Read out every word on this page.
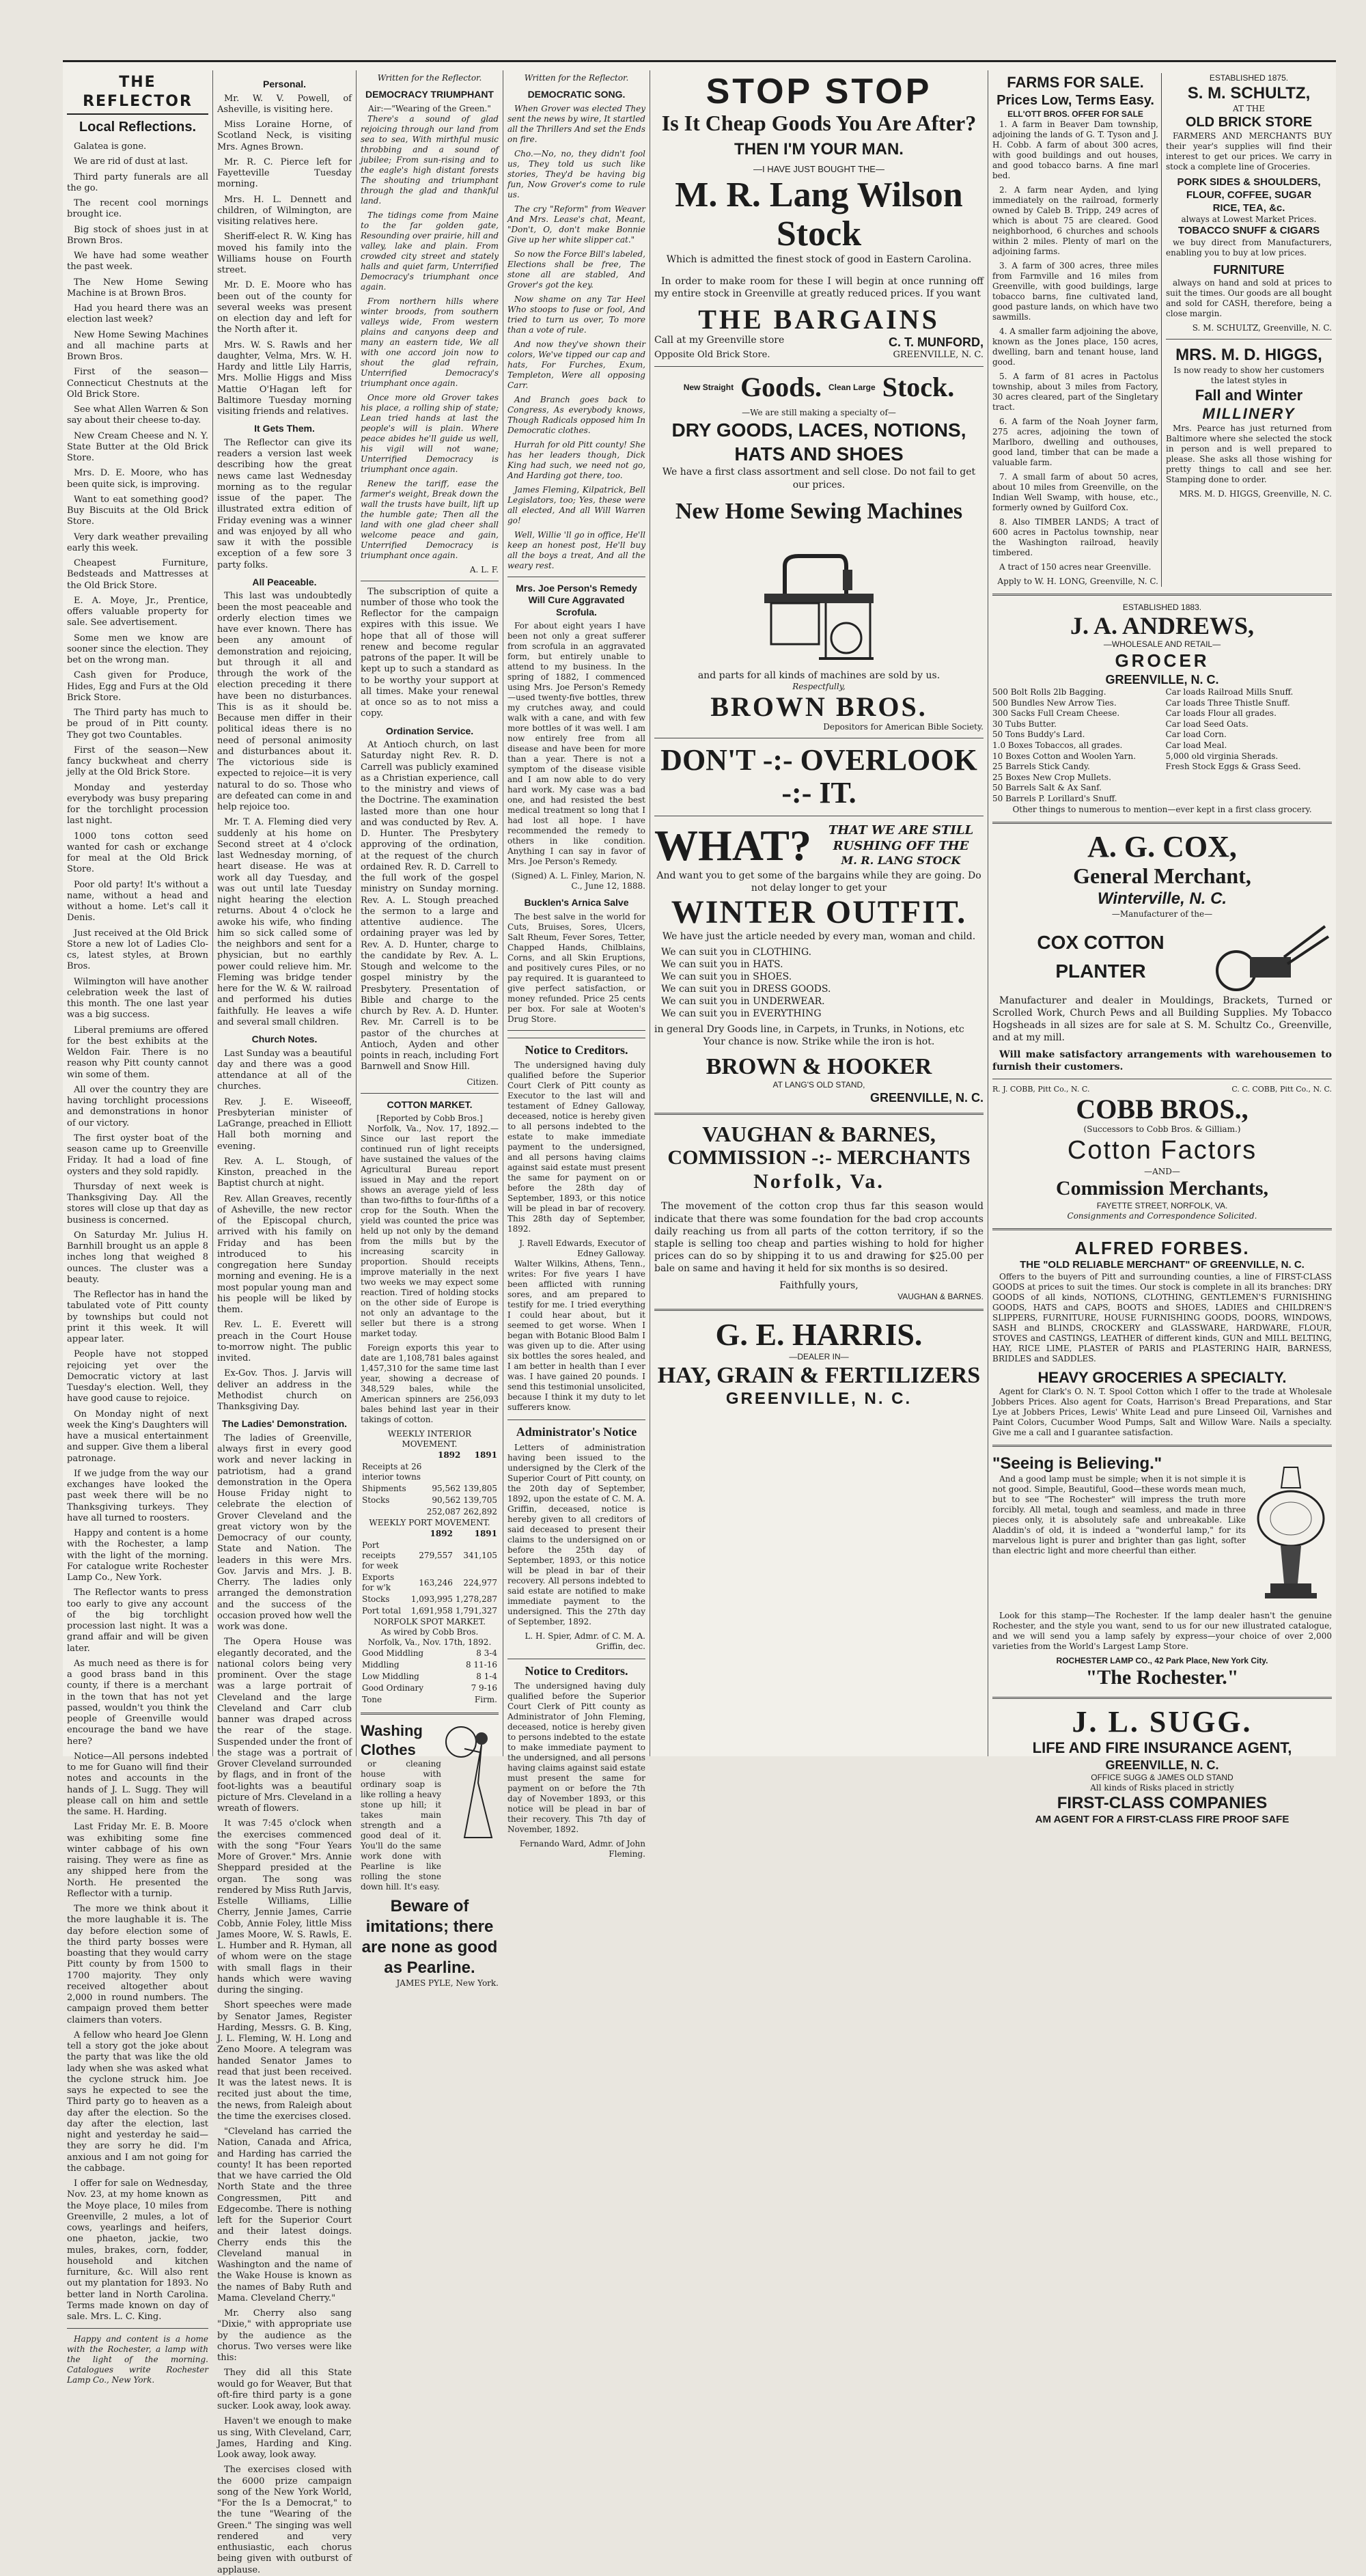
THE REFLECTOR
Local Reflections.
Galatea is gone.
We are rid of dust at last.
Third party funerals are all the go.
The recent cool mornings brought ice.
Big stock of shoes just in at Brown Bros.
We have had some weather the past week.
The New Home Sewing Machine is at Brown Bros.
Had you heard there was an election last week?
New Home Sewing Machines and all machine parts at Brown Bros.
First of the season—Connecticut Chestnuts at the Old Brick Store.
See what Allen Warren & Son say about their cheese to-day.
New Cream Cheese and N. Y. State Butter at the Old Brick Store.
Mrs. D. E. Moore, who has been quite sick, is improving.
Want to eat something good? Buy Biscuits at the Old Brick Store.
Very dark weather prevailing early this week.
Cheapest Furniture, Bedsteads and Mattresses at the Old Brick Store.
E. A. Moye, Jr., Prentice, offers valuable property for sale. See advertisement.
Some men we know are sooner since the election. They bet on the wrong man.
Cash given for Produce, Hides, Egg and Furs at the Old Brick Store.
The Third party has much to be proud of in Pitt county. They got two Countables.
First of the season—New fancy buckwheat and cherry jelly at the Old Brick Store.
Monday and yesterday everybody was busy preparing for the torchlight procession last night.
1000 tons cotton seed wanted for cash or exchange for meal at the Old Brick Store.
Poor old party! It's without a name, without a head and without a home. Let's call it Denis.
Just received at the Old Brick Store a new lot of Ladies Clo-cs, latest styles, at Brown Bros.
Wilmington will have another celebration week the last of this month. The one last year was a big success.
Liberal premiums are offered for the best exhibits at the Weldon Fair. There is no reason why Pitt county cannot win some of them.
All over the country they are having torchlight processions and demonstrations in honor of our victory.
The first oyster boat of the season came up to Greenville Friday. It had a load of fine oysters and they sold rapidly.
Thursday of next week is Thanksgiving Day. All the stores will close up that day as business is concerned.
On Saturday Mr. Julius H. Barnhill brought us an apple 8 inches long that weighed 8 ounces. The cluster was a beauty.
The Reflector has in hand the tabulated vote of Pitt county by townships but could not print it this week. It will appear later.
People have not stopped rejoicing yet over the Democratic victory at last Tuesday's election. Well, they have good cause to rejoice.
On Monday night of next week the King's Daughters will have a musical entertainment and supper. Give them a liberal patronage.
If we judge from the way our exchanges have looked the past week there will be no Thanksgiving turkeys. They have all turned to roosters.
Happy and content is a home with the Rochester, a lamp with the light of the morning. For catalogue write Rochester Lamp Co., New York.
The Reflector wants to press too early to give any account of the big torchlight procession last night. It was a grand affair and will be given later.
As much need as there is for a good brass band in this county, if there is a merchant in the town that has not yet passed, wouldn't you think the people of Greenville would encourage the band we have here?
Notice—All persons indebted to me for Guano will find their notes and accounts in the hands of J. L. Sugg. They will please call on him and settle the same. H. Harding.
Last Friday Mr. E. B. Moore was exhibiting some fine winter cabbage of his own raising. They were as fine as any shipped here from the North. He presented the Reflector with a turnip.
The more we think about it the more laughable it is. The day before election some of the third party bosses were boasting that they would carry Pitt county by from 1500 to 1700 majority. They only received altogether about 2,000 in round numbers. The campaign proved them better claimers than voters.
A fellow who heard Joe Glenn tell a story got the joke about the party that was like the old lady when she was asked what the cyclone struck him. Joe says he expected to see the Third party go to heaven as a day after the election. So the day after the election, last night and yesterday he said—they are sorry he did. I'm anxious and I am not going for the cabbage.
I offer for sale on Wednesday, Nov. 23, at my home known as the Moye place, 10 miles from Greenville, 2 mules, a lot of cows, yearlings and heifers, one phaeton, jackie, two mules, brakes, corn, fodder, household and kitchen furniture, &c. Will also rent out my plantation for 1893. No better land in North Carolina. Terms made known on day of sale. Mrs. L. C. King.
Happy and content is a home with the Rochester, a lamp with the light of the morning. Catalogues write Rochester Lamp Co., New York.
Personal.
Mr. W. V. Powell, of Asheville, is visiting here.
Miss Loraine Horne, of Scotland Neck, is visiting Mrs. Agnes Brown.
Mr. R. C. Pierce left for Fayetteville Tuesday morning.
Mrs. H. L. Dennett and children, of Wilmington, are visiting relatives here.
Sheriff-elect R. W. King has moved his family into the Williams house on Fourth street.
Mr. D. E. Moore who has been out of the county for several weeks was present on election day and left for the North after it.
Mrs. W. S. Rawls and her daughter, Velma, Mrs. W. H. Hardy and little Lily Harris, Mrs. Mollie Higgs and Miss Mattie O'Hagan left for Baltimore Tuesday morning visiting friends and relatives.
It Gets Them.
The Reflector can give its readers a version last week describing how the great news came last Wednesday morning as to the regular issue of the paper. The illustrated extra edition of Friday evening was a winner and was enjoyed by all who saw it with the possible exception of a few sore 3 party folks.
All Peaceable.
This last was undoubtedly been the most peaceable and orderly election times we have ever known. There has been any amount of demonstration and rejoicing, but through it all and through the work of the election preceding it there have been no disturbances. This is as it should be. Because men differ in their political ideas there is no need of personal animosity and disturbances about it. The victorious side is expected to rejoice—it is very natural to do so. Those who are defeated can come in and help rejoice too.
Mr. T. A. Fleming died very suddenly at his home on Second street at 4 o'clock last Wednesday morning, of heart disease. He was at work all day Tuesday, and was out until late Tuesday night hearing the election returns. About 4 o'clock he awoke his wife, who finding him so sick called some of the neighbors and sent for a physician, but no earthly power could relieve him. Mr. Fleming was bridge tender here for the W. & W. railroad and performed his duties faithfully. He leaves a wife and several small children.
Church Notes.
Last Sunday was a beautiful day and there was a good attendance at all of the churches.
Rev. J. E. Wiseeoff, Presbyterian minister of LaGrange, preached in Elliott Hall both morning and evening.
Rev. A. L. Stough, of Kinston, preached in the Baptist church at night.
Rev. Allan Greaves, recently of Asheville, the new rector of the Episcopal church, arrived with his family on Friday and has been introduced to his congregation here Sunday morning and evening. He is a most popular young man and his people will be liked by them.
Rev. L. E. Everett will preach in the Court House to-morrow night. The public invited.
Ex-Gov. Thos. J. Jarvis will deliver an address in the Methodist church on Thanksgiving Day.
The Ladies' Demonstration.
The ladies of Greenville, always first in every good work and never lacking in patriotism, had a grand demonstration in the Opera House Friday night to celebrate the election of Grover Cleveland and the great victory won by the Democracy of our county, State and Nation. The leaders in this were Mrs. Gov. Jarvis and Mrs. J. B. Cherry. The ladies only arranged the demonstration and the success of the occasion proved how well the work was done.
The Opera House was elegantly decorated, and the national colors being very prominent. Over the stage was a large portrait of Cleveland and the large Cleveland and Carr club banner was draped across the rear of the stage. Suspended under the front of the stage was a portrait of Grover Cleveland surrounded by flags, and in front of the foot-lights was a beautiful picture of Mrs. Cleveland in a wreath of flowers.
It was 7:45 o'clock when the exercises commenced with the song "Four Years More of Grover." Mrs. Annie Sheppard presided at the organ. The song was rendered by Miss Ruth Jarvis, Estelle Williams, Lillie Cherry, Jennie James, Carrie Cobb, Annie Foley, little Miss James Moore, W. S. Rawls, E. L. Humber and R. Hyman, all of whom were on the stage with small flags in their hands which were waving during the singing.
Short speeches were made by Senator James, Register Harding, Messrs. G. B. King, J. L. Fleming, W. H. Long and Zeno Moore. A telegram was handed Senator James to read that just been received. It was the latest news. It is recited just about the time, the news, from Raleigh about the time the exercises closed.
"Cleveland has carried the Nation, Canada and Africa, and Harding has carried the county! It has been reported that we have carried the Old North State and the three Congressmen, Pitt and Edgecombe. There is nothing left for the Superior Court and their latest doings. Cherry ends this the Cleveland manual in Washington and the name of the Wake House is known as the names of Baby Ruth and Mama. Cleveland Cherry."
Mr. Cherry also sang "Dixie," with appropriate use by the audience as the chorus. Two verses were like this:
They did all this State would go for Weaver, But that oft-fire third party is a gone sucker. Look away, look away.
Haven't we enough to make us sing, With Cleveland, Carr, James, Harding and King. Look away, look away.
The exercises closed with the 6000 prize campaign song of the New York World, "For the Is a Democrat," to the tune "Wearing of the Green." The singing was well rendered and very enthusiastic, each chorus being given with outburst of applause.
Written for the Reflector.
DEMOCRACY TRIUMPHANT
Air:—"Wearing of the Green."
There's a sound of glad rejoicing through our land from sea to sea, With mirthful music throbbing and a sound of jubilee; From sun-rising and to the eagle's high distant forests The shouting and triumphant through the glad and thankful land.
The tidings come from Maine to the far golden gate, Resounding over prairie, hill and valley, lake and plain. From crowded city street and stately halls and quiet farm, Unterrified Democracy's triumphant once again.
From northern hills where winter broods, from southern valleys wide, From western plains and canyons deep and many an eastern tide, We all with one accord join now to shout the glad refrain, Unterrified Democracy's triumphant once again.
Once more old Grover takes his place, a rolling ship of state; Lean tried hands at last the people's will is plain. Where peace abides he'll guide us well, his vigil will not wane; Unterrified Democracy is triumphant once again.
Renew the tariff, ease the farmer's weight, Break down the wall the trusts have built, lift up the humble gate; Then all the land with one glad cheer shall welcome peace and gain, Unterrified Democracy is triumphant once again.
A. L. F.
The subscription of quite a number of those who took the Reflector for the campaign expires with this issue. We hope that all of those will renew and become regular patrons of the paper. It will be kept up to such a standard as to be worthy your support at all times. Make your renewal at once so as to not miss a copy.
Ordination Service.
At Antioch church, on last Saturday night Rev. R. D. Carrell was publicly examined as a Christian experience, call to the ministry and views of the Doctrine. The examination lasted more than one hour and was conducted by Rev. A. D. Hunter. The Presbytery approving of the ordination, at the request of the church ordained Rev. R. D. Carrell to the full work of the gospel ministry on Sunday morning. Rev. A. L. Stough preached the sermon to a large and attentive audience. The ordaining prayer was led by Rev. A. D. Hunter, charge to the candidate by Rev. A. L. Stough and welcome to the gospel ministry by the Presbytery. Presentation of Bible and charge to the church by Rev. A. D. Hunter. Rev. Mr. Carrell is to be pastor of the churches at Antioch, Ayden and other points in reach, including Fort Barnwell and Snow Hill.
Citizen.
COTTON MARKET.
[Reported by Cobb Bros.]
Norfolk, Va., Nov. 17, 1892.—Since our last report the continued run of light receipts have sustained the values of the Agricultural Bureau report issued in May and the report shows an average yield of less than two-fifths to four-fifths of a crop for the South. When the yield was counted the price was held up not only by the demand from the mills but by the increasing scarcity in proportion. Should receipts improve materially in the next two weeks we may expect some reaction. Tired of holding stocks on the other side of Europe is not only an advantage to the seller but there is a strong market today.
Foreign exports this year to date are 1,108,781 bales against 1,457,310 for the same time last year, showing a decrease of 348,529 bales, while the American spinners are 256,093 bales behind last year in their takings of cotton.
WEEKLY INTERIOR MOVEMENT.
	1892	1891
Receipts at 26 interior towns		
Shipments	95,562	139,805
Stocks	90,562	139,705
	252,087	262,892
WEEKLY PORT MOVEMENT.
	1892	1891
Port receipts for week	279,557	341,105
Exports for w'k	163,246	224,977
Stocks	1,093,995	1,278,287
Port total	1,691,958	1,791,327
NORFOLK SPOT MARKET.
As wired by Cobb Bros.
Norfolk, Va., Nov. 17th, 1892.
Good Middling	8 3-4
Middling	8 11-16
Low Middling	8 1-4
Good Ordinary	7 9-16
Tone	Firm.
Washing Clothes
or cleaning house with ordinary soap is like rolling a heavy stone up hill; it takes main strength and a good deal of it. You'll do the same work done with Pearline is like rolling the stone down hill. It's easy.
Beware of imitations; there are none as good as Pearline.
JAMES PYLE, New York.
Written for the Reflector.
DEMOCRATIC SONG.
When Grover was elected They sent the news by wire, It startled all the Thrillers And set the Ends on fire.
Cho.—No, no, they didn't fool us, They told us such like stories, They'd be having big fun, Now Grover's come to rule us.
The cry "Reform" from Weaver And Mrs. Lease's chat, Meant, "Don't, O, don't make Bonnie Give up her white slipper cat."
So now the Force Bill's labeled, Elections shall be free, The stone all are stabled, And Grover's got the key.
Now shame on any Tar Heel Who stoops to fuse or fool, And tried to turn us over, To more than a vote of rule.
And now they've shown their colors, We've tipped our cap and hats, For Furches, Exum, Templeton, Were all opposing Carr.
And Branch goes back to Congress, As everybody knows, Though Radicals opposed him In Democratic clothes.
Hurrah for old Pitt county! She has her leaders though, Dick King had such, we need not go, And Harding got there, too.
James Fleming, Kilpatrick, Bell Legislators, too; Yes, these were all elected, And all Will Warren go!
Well, Willie 'll go in office, He'll keep an honest post, He'll buy all the boys a treat, And all the weary rest.
Mrs. Joe Person's Remedy Will Cure Aggravated Scrofula.
For about eight years I have been not only a great sufferer from scrofula in an aggravated form, but entirely unable to attend to my business. In the spring of 1882, I commenced using Mrs. Joe Person's Remedy—used twenty-five bottles, threw my crutches away, and could walk with a cane, and with few more bottles of it was well. I am now entirely free from all disease and have been for more than a year. There is not a symptom of the disease visible and I am now able to do very hard work. My case was a bad one, and had resisted the best medical treatment so long that I had lost all hope. I have recommended the remedy to others in like condition. Anything I can say in favor of Mrs. Joe Person's Remedy.
(Signed) A. L. Finley, Marion, N. C., June 12, 1888.
Bucklen's Arnica Salve
The best salve in the world for Cuts, Bruises, Sores, Ulcers, Salt Rheum, Fever Sores, Tetter, Chapped Hands, Chilblains, Corns, and all Skin Eruptions, and positively cures Piles, or no pay required. It is guaranteed to give perfect satisfaction, or money refunded. Price 25 cents per box. For sale at Wooten's Drug Store.
Notice to Creditors.
The undersigned having duly qualified before the Superior Court Clerk of Pitt county as Executor to the last will and testament of Edney Galloway, deceased, notice is hereby given to all persons indebted to the estate to make immediate payment to the undersigned, and all persons having claims against said estate must present the same for payment on or before the 28th day of September, 1893, or this notice will be plead in bar of recovery. This 28th day of September, 1892.
J. Ravell Edwards, Executor of Edney Galloway.
Walter Wilkins, Athens, Tenn., writes: For five years I have been afflicted with running sores, and am prepared to testify for me. I tried everything I could hear about, but it seemed to get worse. When I began with Botanic Blood Balm I was given up to die. After using six bottles the sores healed, and I am better in health than I ever was. I have gained 20 pounds. I send this testimonial unsolicited, because I think it my duty to let sufferers know.
Administrator's Notice
Letters of administration having been issued to the undersigned by the Clerk of the Superior Court of Pitt county, on the 20th day of September, 1892, upon the estate of C. M. A. Griffin, deceased, notice is hereby given to all creditors of said deceased to present their claims to the undersigned on or before the 25th day of September, 1893, or this notice will be plead in bar of their recovery. All persons indebted to said estate are notified to make immediate payment to the undersigned. This the 27th day of September, 1892.
L. H. Spier, Admr. of C. M. A. Griffin, dec.
Notice to Creditors.
The undersigned having duly qualified before the Superior Court Clerk of Pitt county as Administrator of John Fleming, deceased, notice is hereby given to persons indebted to the estate to make immediate payment to the undersigned, and all persons having claims against said estate must present the same for payment on or before the 7th day of November 1893, or this notice will be plead in bar of their recovery. This 7th day of November, 1892.
Fernando Ward, Admr. of John Fleming.
STOP STOP
Is It Cheap Goods You Are After?
THEN I'M YOUR MAN.
—I HAVE JUST BOUGHT THE—
M. R. Lang Wilson Stock
Which is admitted the finest stock of good in Eastern Carolina.
In order to make room for these I will begin at once running off my entire stock in Greenville at greatly reduced prices. If you want
THE BARGAINS
Call at my Greenville store	C. T. MUNFORD,
Opposite Old Brick Store.	GREENVILLE, N. C.
New Straight Goods. Clean Large Stock.
—We are still making a specialty of—
DRY GOODS, LACES, NOTIONS, HATS AND SHOES
We have a first class assortment and sell close. Do not fail to get our prices.
New Home Sewing Machines
and parts for all kinds of machines are sold by us.
Respectfully,
BROWN BROS.
Depositors for American Bible Society.
DON'T -:- OVERLOOK -:- IT.
WHAT?	THAT WE ARE STILL
RUSHING OFF THE
M. R. LANG STOCK
And want you to get some of the bargains while they are going. Do not delay longer to get your
WINTER OUTFIT.
We have just the article needed by every man, woman and child.
We can suit you in CLOTHING.
We can suit you in HATS.
We can suit you in SHOES.
We can suit you in DRESS GOODS.
We can suit you in UNDERWEAR.
We can suit you in EVERYTHING
in general Dry Goods line, in Carpets, in Trunks, in Notions, etc
Your chance is now. Strike while the iron is hot.
BROWN & HOOKER
AT LANG'S OLD STAND,
GREENVILLE, N. C.
VAUGHAN & BARNES,
COMMISSION -:- MERCHANTS
Norfolk, Va.
The movement of the cotton crop thus far this season would indicate that there was some foundation for the bad crop accounts daily reaching us from all parts of the cotton territory, if so the staple is selling too cheap and parties wishing to hold for higher prices can do so by shipping it to us and drawing for $25.00 per bale on same and having it held for six months is so desired.
Faithfully yours,
VAUGHAN & BARNES.
G. E. HARRIS.
—DEALER IN—
HAY, GRAIN & FERTILIZERS
GREENVILLE, N. C.
FARMS FOR SALE.
Prices Low, Terms Easy.
ELL'OTT BROS. OFFER FOR SALE
1. A farm in Beaver Dam township, adjoining the lands of G. T. Tyson and J. H. Cobb. A farm of about 300 acres, with good buildings and out houses, and good tobacco barns. A fine marl bed.
2. A farm near Ayden, and lying immediately on the railroad, formerly owned by Caleb B. Tripp, 249 acres of which is about 75 are cleared. Good neighborhood, 6 churches and schools within 2 miles. Plenty of marl on the adjoining farms.
3. A farm of 300 acres, three miles from Farmville and 16 miles from Greenville, with good buildings, large tobacco barns, fine cultivated land, good pasture lands, on which have two sawmills.
4. A smaller farm adjoining the above, known as the Jones place, 150 acres, dwelling, barn and tenant house, land good.
5. A farm of 81 acres in Pactolus township, about 3 miles from Factory, 30 acres cleared, part of the Singletary tract.
6. A farm of the Noah Joyner farm, 275 acres, adjoining the town of Marlboro, dwelling and outhouses, good land, timber that can be made a valuable farm.
7. A small farm of about 50 acres, about 10 miles from Greenville, on the Indian Well Swamp, with house, etc., formerly owned by Guilford Cox.
8. Also TIMBER LANDS; A tract of 600 acres in Pactolus township, near the Washington railroad, heavily timbered.
A tract of 150 acres near Greenville.
Apply to W. H. LONG, Greenville, N. C.
ESTABLISHED 1875.
S. M. SCHULTZ,
AT THE
OLD BRICK STORE
FARMERS AND MERCHANTS BUY their year's supplies will find their interest to get our prices. We carry in stock a complete line of Groceries.
PORK SIDES & SHOULDERS,
FLOUR, COFFEE, SUGAR
RICE, TEA, &c.
always at Lowest Market Prices.
TOBACCO SNUFF & CIGARS
we buy direct from Manufacturers, enabling you to buy at low prices.
FURNITURE
always on hand and sold at prices to suit the times. Our goods are all bought and sold for CASH, therefore, being a close margin.
S. M. SCHULTZ, Greenville, N. C.
MRS. M. D. HIGGS,
Is now ready to show her customers the latest styles in
Fall and Winter
MILLINERY
Mrs. Pearce has just returned from Baltimore where she selected the stock in person and is well prepared to please. She asks all those wishing for pretty things to call and see her. Stamping done to order.
MRS. M. D. HIGGS, Greenville, N. C.
ESTABLISHED 1883.
J. A. ANDREWS,
—WHOLESALE AND RETAIL—
GROCER
GREENVILLE, N. C.
500 Bolt Rolls 2lb Bagging.
500 Bundles New Arrow Ties.
300 Sacks Full Cream Cheese.
30 Tubs Butter.
50 Tons Buddy's Lard.
1.0 Boxes Tobaccos, all grades.
10 Boxes Cotton and Woolen Yarn.
25 Barrels Stick Candy.
25 Boxes New Crop Mullets.
50 Barrels Salt & Ax Sanf.
50 Barrels P. Lorillard's Snuff.
Car loads Railroad Mills Snuff.
Car loads Three Thistle Snuff.
Car loads Flour all grades.
Car load Seed Oats.
Car load Corn.
Car load Meal.
5,000 old virginia Sherads.
Fresh Stock Eggs & Grass Seed.
Other things to numerous to mention—ever kept in a first class grocery.
A. G. COX,
General Merchant,
Winterville, N. C.
—Manufacturer of the—
COX COTTON PLANTER
Manufacturer and dealer in Mouldings, Brackets, Turned or Scrolled Work, Church Pews and all Building Supplies. My Tobacco Hogsheads in all sizes are for sale at S. M. Schultz Co., Greenville, and at my mill.
Will make satisfactory arrangements with warehousemen to furnish their customers.
R. J. COBB, Pitt Co., N. C.	C. C. COBB, Pitt Co., N. C.
COBB BROS.,
(Successors to Cobb Bros. & Gilliam.)
Cotton Factors
—AND—
Commission Merchants,
FAYETTE STREET, NORFOLK, VA.
Consignments and Correspondence Solicited.
ALFRED FORBES.
THE "OLD RELIABLE MERCHANT" OF GREENVILLE, N. C.
Offers to the buyers of Pitt and surrounding counties, a line of FIRST-CLASS GOODS at prices to suit the times. Our stock is complete in all its branches: DRY GOODS of all kinds, NOTIONS, CLOTHING, GENTLEMEN'S FURNISHING GOODS, HATS and CAPS, BOOTS and SHOES, LADIES and CHILDREN'S SLIPPERS, FURNITURE, HOUSE FURNISHING GOODS, DOORS, WINDOWS, SASH and BLINDS, CROCKERY and GLASSWARE, HARDWARE, FLOUR, STOVES and CASTINGS, LEATHER of different kinds, GUN and MILL BELTING, HAY, RICE LIME, PLASTER of PARIS and PLASTERING HAIR, BARNESS, BRIDLES and SADDLES.
HEAVY GROCERIES A SPECIALTY.
Agent for Clark's O. N. T. Spool Cotton which I offer to the trade at Wholesale Jobbers Prices. Also agent for Coats, Harrison's Bread Preparations, and Star Lye at Jobbers Prices, Lewis' White Lead and pure Linseed Oil, Varnishes and Paint Colors, Cucumber Wood Pumps, Salt and Willow Ware. Nails a specialty. Give me a call and I guarantee satisfaction.
"Seeing is Believing."
And a good lamp must be simple; when it is not simple it is not good. Simple, Beautiful, Good—these words mean much, but to see "The Rochester" will impress the truth more forcibly. All metal, tough and seamless, and made in three pieces only, it is absolutely safe and unbreakable. Like Aladdin's of old, it is indeed a "wonderful lamp," for its marvelous light is purer and brighter than gas light, softer than electric light and more cheerful than either.
Look for this stamp—The Rochester. If the lamp dealer hasn't the genuine Rochester, and the style you want, send to us for our new illustrated catalogue, and we will send you a lamp safely by express—your choice of over 2,000 varieties from the World's Largest Lamp Store.
ROCHESTER LAMP CO., 42 Park Place, New York City.
"The Rochester."
J. L. SUGG.
LIFE AND FIRE INSURANCE AGENT,
GREENVILLE, N. C.
OFFICE SUGG & JAMES OLD STAND
All kinds of Risks placed in strictly
FIRST-CLASS COMPANIES
AM AGENT FOR A FIRST-CLASS FIRE PROOF SAFE
